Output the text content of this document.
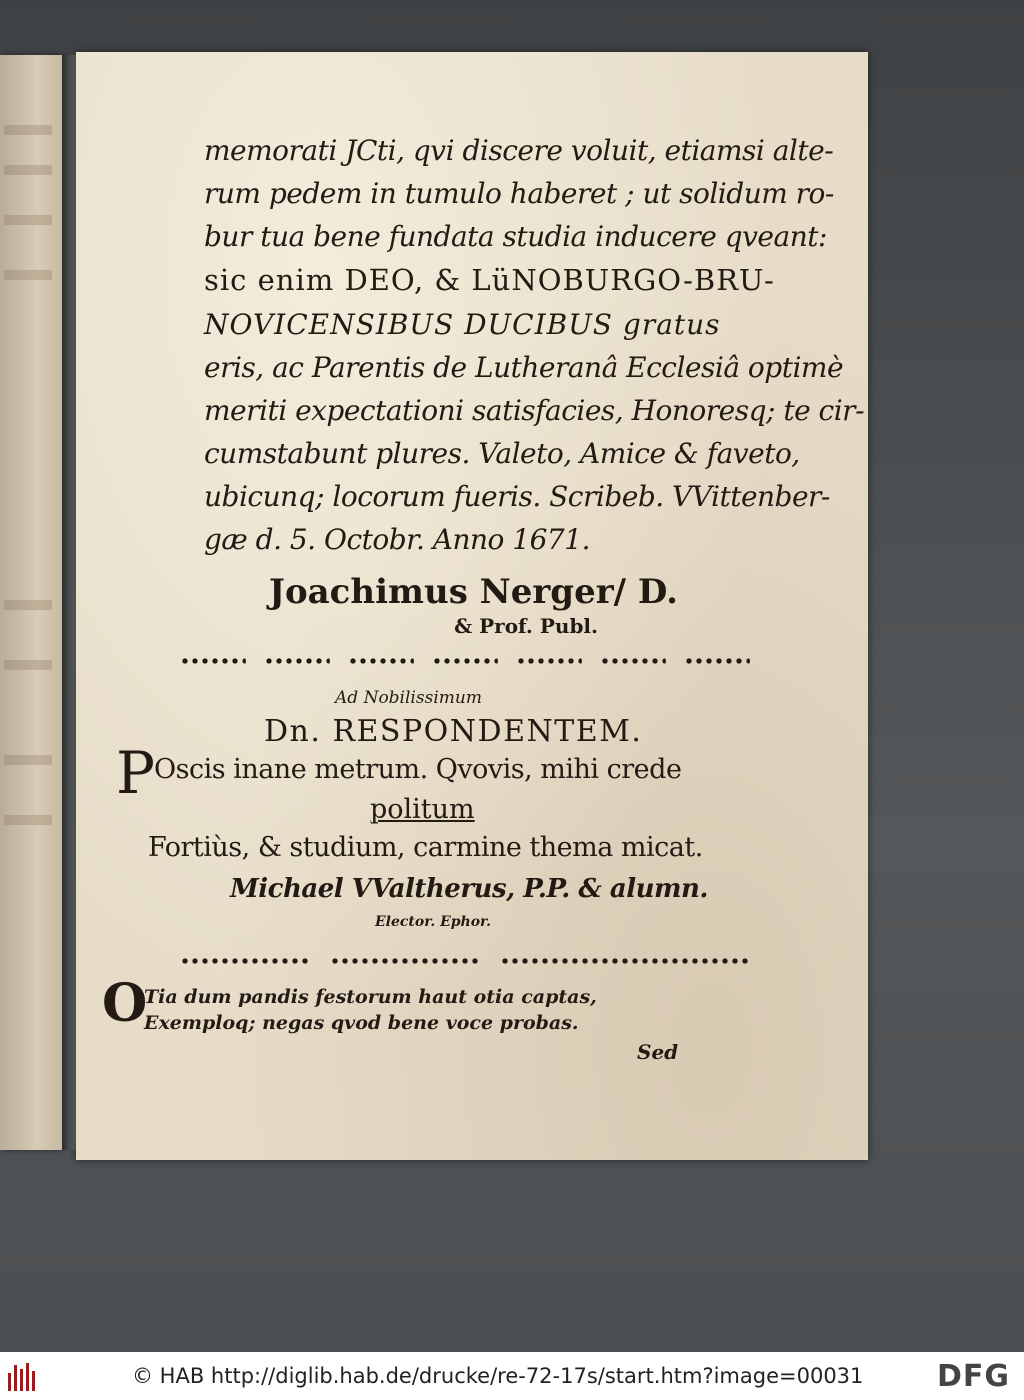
memorati JCti, qvi discere voluit, etiamsi alte-
rum pedem in tumulo haberet ; ut solidum ro-
bur tua bene fundata studia inducere qveant:
sic enim DEO, & LüNOBURGO-BRU-
NOVICENSIBUS DUCIBUS gratus
eris, ac Parentis de Lutheranâ Ecclesiâ optimè
meriti expectationi satisfacies, Honoresq; te cir-
cumstabunt plures. Valeto, Amice & faveto,
ubicunq; locorum fueris. Scribeb. VVittenber-
gæ d. 5. Octobr. Anno 1671.
Joachimus Nerger/ D.
& Prof. Publ.
Ad Nobilissimum
Dn. RESPONDENTEM.
P
Oscis inane metrum. Qvovis, mihi crede
politum
Fortiùs, & studium, carmine thema micat.
Michael VValtherus, P.P. & alumn.
Elector. Ephor.
O
Tia dum pandis festorum haut otia captas,
Exemploq; negas qvod bene voce probas.
Sed
© HAB http://diglib.hab.de/drucke/re-72-17s/start.htm?image=00031 DFG
